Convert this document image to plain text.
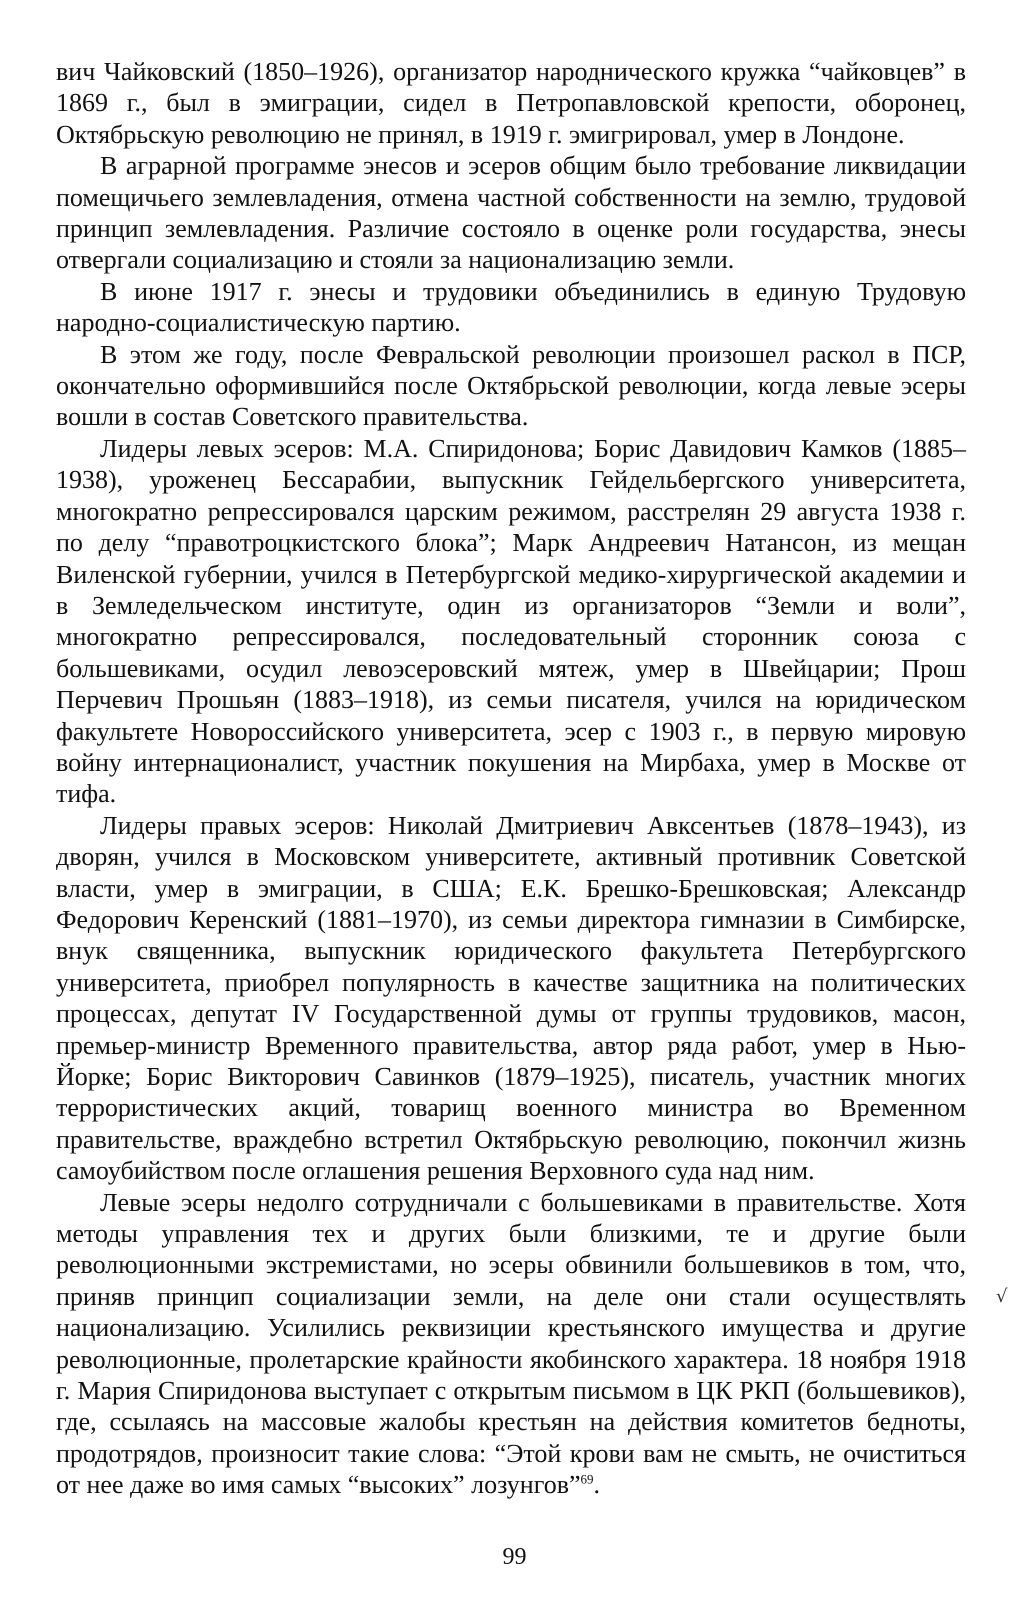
вич Чайковский (1850–1926), организатор народнического кружка “чайковцев” в 1869 г., был в эмиграции, сидел в Петропавловской крепости, оборонец, Октябрьскую революцию не принял, в 1919 г. эмигрировал, умер в Лондоне.

В аграрной программе энесов и эсеров общим было требование ликвидации помещичьего землевладения, отмена частной собственности на землю, трудовой принцип землевладения. Различие состояло в оценке роли государства, энесы отвергали социализацию и стояли за национализацию земли.

В июне 1917 г. энесы и трудовики объединились в единую Трудовую народно-социалистическую партию.

В этом же году, после Февральской революции произошел раскол в ПСР, окончательно оформившийся после Октябрьской революции, когда левые эсеры вошли в состав Советского правительства.

Лидеры левых эсеров: М.А. Спиридонова; Борис Давидович Камков (1885–1938), уроженец Бессарабии, выпускник Гейдельбергского университета, многократно репрессировался царским режимом, расстрелян 29 августа 1938 г. по делу “правотроцкистского блока”; Марк Андреевич Натансон, из мещан Виленской губернии, учился в Петербургской медико-хирургической академии и в Земледельческом институте, один из организаторов “Земли и воли”, многократно репрессировался, последовательный сторонник союза с большевиками, осудил левоэсеровский мятеж, умер в Швейцарии; Прош Перчевич Прошьян (1883–1918), из семьи писателя, учился на юридическом факультете Новороссийского университета, эсер с 1903 г., в первую мировую войну интернационалист, участник покушения на Мирбаха, умер в Москве от тифа.

Лидеры правых эсеров: Николай Дмитриевич Авксентьев (1878–1943), из дворян, учился в Московском университете, активный противник Советской власти, умер в эмиграции, в США; Е.К. Брешко-Брешковская; Александр Федорович Керенский (1881–1970), из семьи директора гимназии в Симбирске, внук священника, выпускник юридического факультета Петербургского университета, приобрел популярность в качестве защитника на политических процессах, депутат IV Государственной думы от группы трудовиков, масон, премьер-министр Временного правительства, автор ряда работ, умер в Нью-Йорке; Борис Викторович Савинков (1879–1925), писатель, участник многих террористических акций, товарищ военного министра во Временном правительстве, враждебно встретил Октябрьскую революцию, покончил жизнь самоубийством после оглашения решения Верховного суда над ним.

Левые эсеры недолго сотрудничали с большевиками в правительстве. Хотя методы управления тех и других были близкими, те и другие были революционными экстремистами, но эсеры обвинили большевиков в том, что, приняв принцип социализации земли, на деле они стали осуществлять национализацию. Усилились реквизиции крестьянского имущества и другие революционные, пролетарские крайности якобинского характера. 18 ноября 1918 г. Мария Спиридонова выступает с открытым письмом в ЦК РКП (большевиков), где, ссылаясь на массовые жалобы крестьян на действия комитетов бедноты, продотрядов, произносит такие слова: “Этой крови вам не смыть, не очиститься от нее даже во имя самых “высоких” лозунгов”$^{69}$.

√
99
